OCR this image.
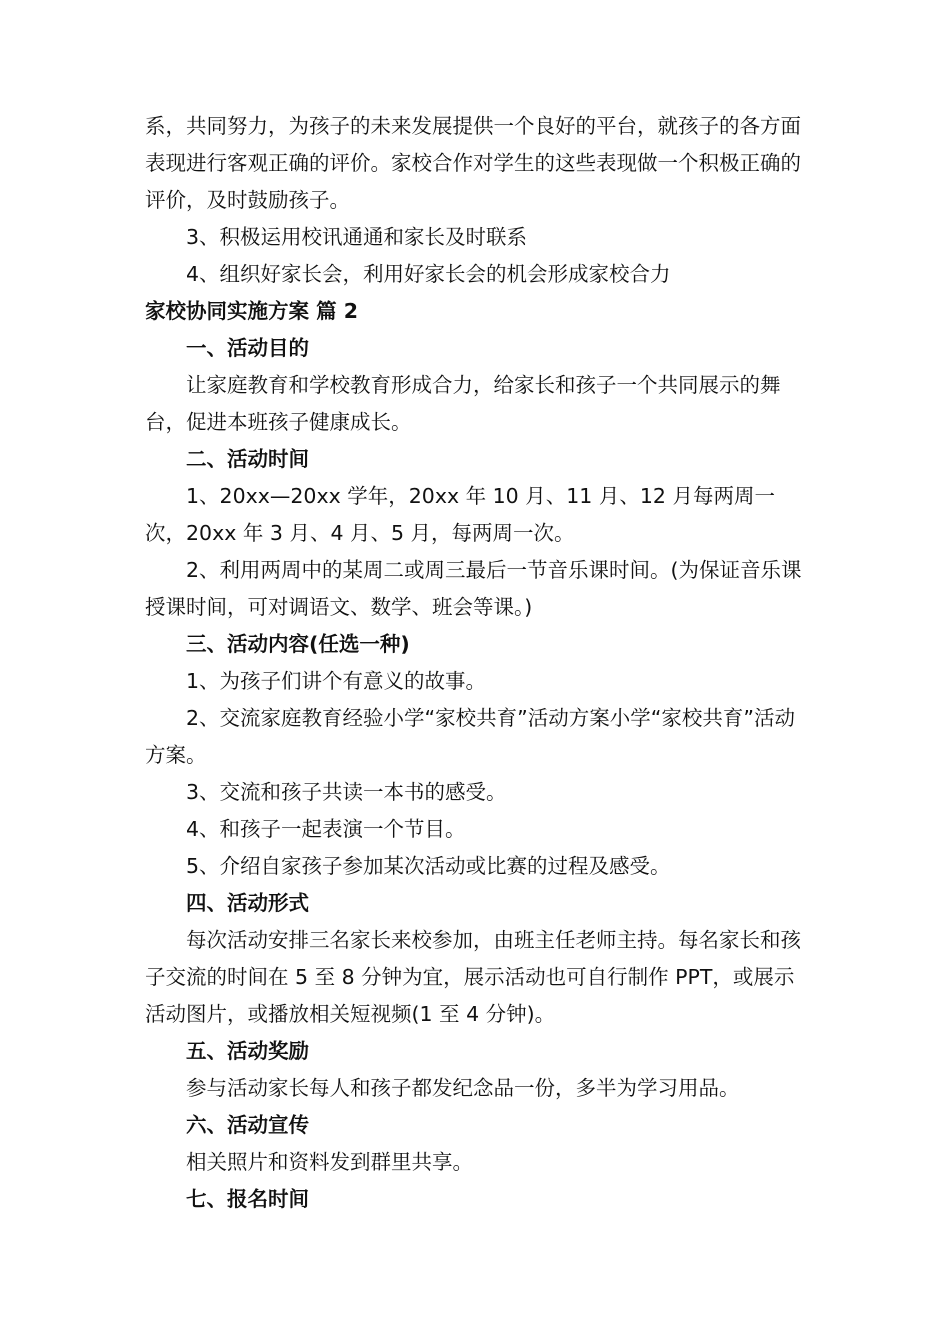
系，共同努力，为孩子的未来发展提供一个良好的平台，就孩子的各方面表现进行客观正确的评价。家校合作对学生的这些表现做一个积极正确的评价，及时鼓励孩子。

3、积极运用校讯通通和家长及时联系

4、组织好家长会，利用好家长会的机会形成家校合力

家校协同实施方案 篇 2

一、活动目的

让家庭教育和学校教育形成合力，给家长和孩子一个共同展示的舞台，促进本班孩子健康成长。

二、活动时间

1、20xx—20xx 学年，20xx 年 10 月、11 月、12 月每两周一次，20xx 年 3 月、4 月、5 月，每两周一次。

2、利用两周中的某周二或周三最后一节音乐课时间。(为保证音乐课授课时间，可对调语文、数学、班会等课。)

三、活动内容(任选一种)

1、为孩子们讲个有意义的故事。

2、交流家庭教育经验小学“家校共育”活动方案小学“家校共育”活动方案。

3、交流和孩子共读一本书的感受。

4、和孩子一起表演一个节目。

5、介绍自家孩子参加某次活动或比赛的过程及感受。

四、活动形式

每次活动安排三名家长来校参加，由班主任老师主持。每名家长和孩子交流的时间在 5 至 8 分钟为宜，展示活动也可自行制作 PPT，或展示活动图片，或播放相关短视频(1 至 4 分钟)。

五、活动奖励

参与活动家长每人和孩子都发纪念品一份，多半为学习用品。

六、活动宣传

相关照片和资料发到群里共享。

七、报名时间
